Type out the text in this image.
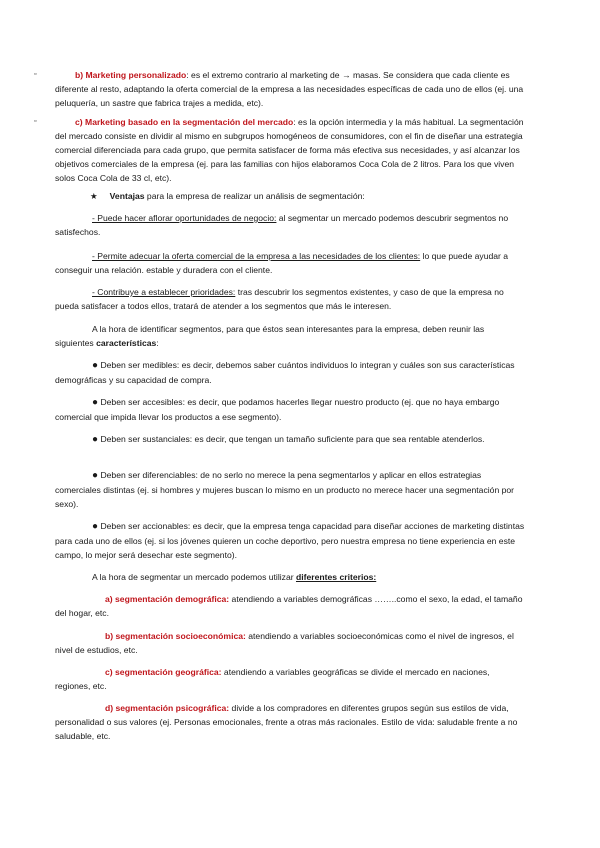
▫	b) Marketing personalizado: es el extremo contrario al marketing de → masas. Se considera que cada cliente es diferente al resto, adaptando la oferta comercial de la empresa a las necesidades específicas de cada uno de ellos (ej. una peluquería, un sastre que fabrica trajes a medida, etc).

▫	c) Marketing basado en la segmentación del mercado: es la opción intermedia y la más habitual. La segmentación del mercado consiste en dividir al mismo en subgrupos homogéneos de consumidores, con el fin de diseñar una estrategia comercial diferenciada para cada grupo, que permita satisfacer de forma más efectiva sus necesidades, y así alcanzar los objetivos comerciales de la empresa (ej. para las familias con hijos elaboramos Coca Cola de 2 litros. Para los que viven solos Coca Cola de 33 cl, etc).

★ Ventajas para la empresa de realizar un análisis de segmentación:

- Puede hacer aflorar oportunidades de negocio: al segmentar un mercado podemos descubrir segmentos no satisfechos.

- Permite adecuar la oferta comercial de la empresa a las necesidades de los clientes: lo que puede ayudar a conseguir una relación. estable y duradera con el cliente.

- Contribuye a establecer prioridades: tras descubrir los segmentos existentes, y caso de que la empresa no pueda satisfacer a todos ellos, tratará de atender a los segmentos que más le interesen.

A la hora de identificar segmentos, para que éstos sean interesantes para la empresa, deben reunir las siguientes características:

● Deben ser medibles: es decir, debemos saber cuántos individuos lo integran y cuáles son sus características demográficas y su capacidad de compra.

● Deben ser accesibles: es decir, que podamos hacerles llegar nuestro producto (ej. que no haya embargo comercial que impida llevar los productos a ese segmento).

● Deben ser sustanciales: es decir, que tengan un tamaño suficiente para que sea rentable atenderlos.

● Deben ser diferenciables: de no serlo no merece la pena segmentarlos y aplicar en ellos estrategias comerciales distintas (ej. si hombres y mujeres buscan lo mismo en un producto no merece hacer una segmentación por sexo).

● Deben ser accionables: es decir, que la empresa tenga capacidad para diseñar acciones de marketing distintas para cada uno de ellos (ej. si los jóvenes quieren un coche deportivo, pero nuestra empresa no tiene experiencia en este campo, lo mejor será desechar este segmento).

A la hora de segmentar un mercado podemos utilizar diferentes criterios:

a) segmentación demográfica: atendiendo a variables demográficas ……..como el sexo, la edad, el tamaño del hogar, etc.

b) segmentación socioeconómica: atendiendo a variables socioeconómicas como el nivel de ingresos, el nivel de estudios, etc.

c) segmentación geográfica: atendiendo a variables geográficas se divide el mercado en naciones, regiones, etc.

d) segmentación psicográfica: divide a los compradores en diferentes grupos según sus estilos de vida, personalidad o sus valores (ej. Personas emocionales, frente a otras más racionales. Estilo de vida: saludable frente a no saludable, etc.
